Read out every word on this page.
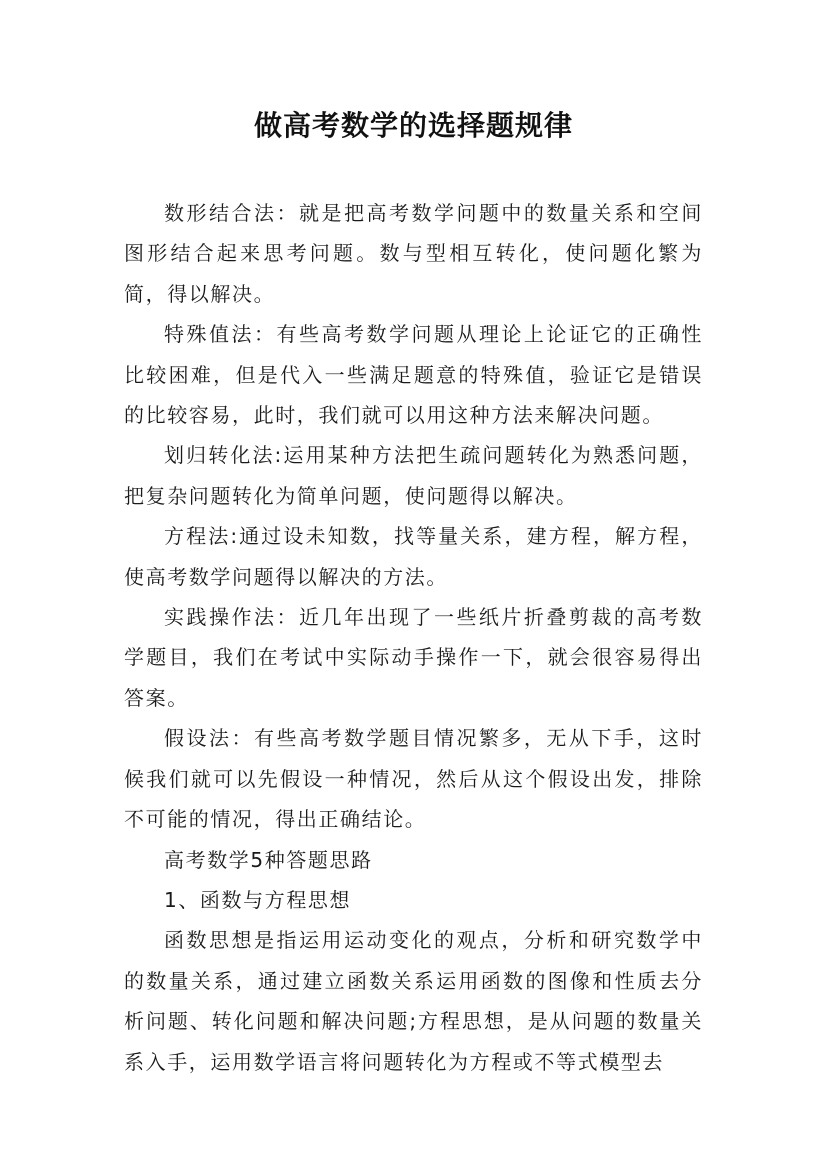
做高考数学的选择题规律

数形结合法：就是把高考数学问题中的数量关系和空间图形结合起来思考问题。数与型相互转化，使问题化繁为简，得以解决。

特殊值法：有些高考数学问题从理论上论证它的正确性比较困难，但是代入一些满足题意的特殊值，验证它是错误的比较容易，此时，我们就可以用这种方法来解决问题。

划归转化法:运用某种方法把生疏问题转化为熟悉问题，把复杂问题转化为简单问题，使问题得以解决。

方程法:通过设未知数，找等量关系，建方程，解方程，使高考数学问题得以解决的方法。

实践操作法：近几年出现了一些纸片折叠剪裁的高考数学题目，我们在考试中实际动手操作一下，就会很容易得出答案。

假设法：有些高考数学题目情况繁多，无从下手，这时候我们就可以先假设一种情况，然后从这个假设出发，排除不可能的情况，得出正确结论。

高考数学5种答题思路

1、函数与方程思想

函数思想是指运用运动变化的观点，分析和研究数学中的数量关系，通过建立函数关系运用函数的图像和性质去分析问题、转化问题和解决问题;方程思想，是从问题的数量关系入手，运用数学语言将问题转化为方程或不等式模型去
